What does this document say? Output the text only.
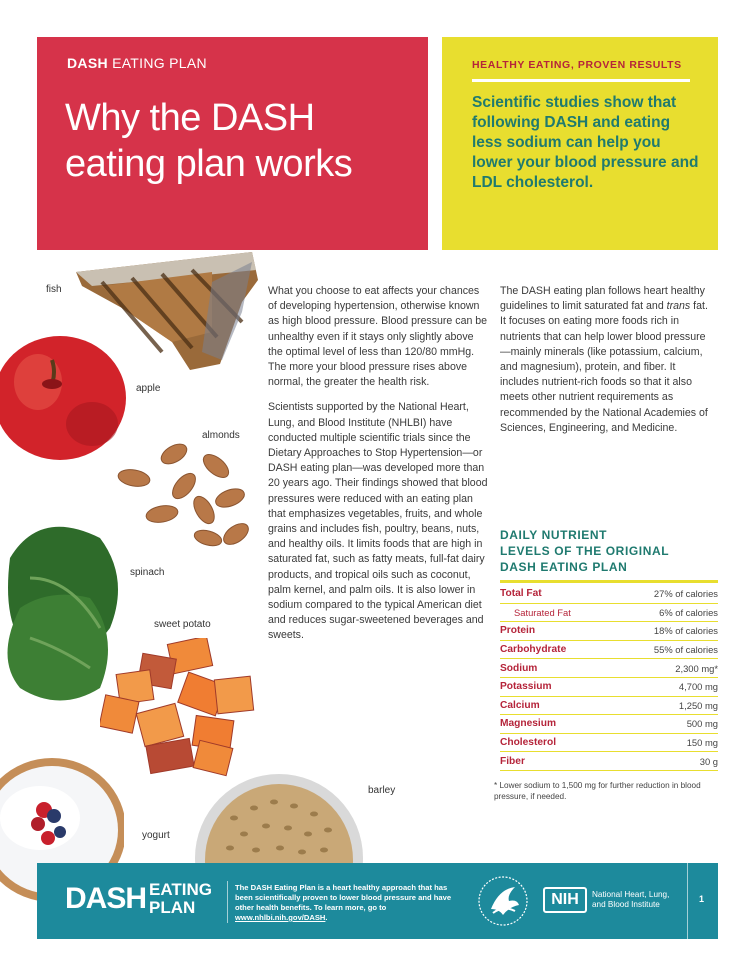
DASH EATING PLAN
Why the DASH
eating plan works
HEALTHY EATING, PROVEN RESULTS
Scientific studies show that following DASH and eating less sodium can help you lower your blood pressure and LDL cholesterol.
fish
apple
almonds
spinach
sweet potato
yogurt
barley

What you choose to eat affects your chances of developing hypertension, otherwise known as high blood pressure. Blood pressure can be unhealthy even if it stays only slightly above the optimal level of less than 120/80 mmHg. The more your blood pressure rises above normal, the greater the health risk.

Scientists supported by the National Heart, Lung, and Blood Institute (NHLBI) have conducted multiple scientific trials since the Dietary Approaches to Stop Hypertension—or DASH eating plan—was developed more than 20 years ago. Their findings showed that blood pressures were reduced with an eating plan that emphasizes vegetables, fruits, and whole grains and includes fish, poultry, beans, nuts, and healthy oils. It limits foods that are high in saturated fat, such as fatty meats, full-fat dairy products, and tropical oils such as coconut, palm kernel, and palm oils. It is also lower in sodium compared to the typical American diet and reduces sugar-sweetened beverages and sweets.

The DASH eating plan follows heart healthy guidelines to limit saturated fat and trans fat. It focuses on eating more foods rich in nutrients that can help lower blood pressure—mainly minerals (like potassium, calcium, and magnesium), protein, and fiber. It includes nutrient-rich foods so that it also meets other nutrient requirements as recommended by the National Academies of Sciences, Engineering, and Medicine.

DAILY NUTRIENT
LEVELS OF THE ORIGINAL
DASH EATING PLAN
Total Fat	27% of calories
Saturated Fat	6% of calories
Protein	18% of calories
Carbohydrate	55% of calories
Sodium	2,300 mg*
Potassium	4,700 mg
Calcium	1,250 mg
Magnesium	500 mg
Cholesterol	150 mg
Fiber	30 g
* Lower sodium to 1,500 mg for further reduction in blood pressure, if needed.
DASH EATING
PLAN
The DASH Eating Plan is a heart healthy approach that has been scientifically proven to lower blood pressure and have other health benefits. To learn more, go to www.nhlbi.nih.gov/DASH.
NIH	National Heart, Lung,
and Blood Institute
1
